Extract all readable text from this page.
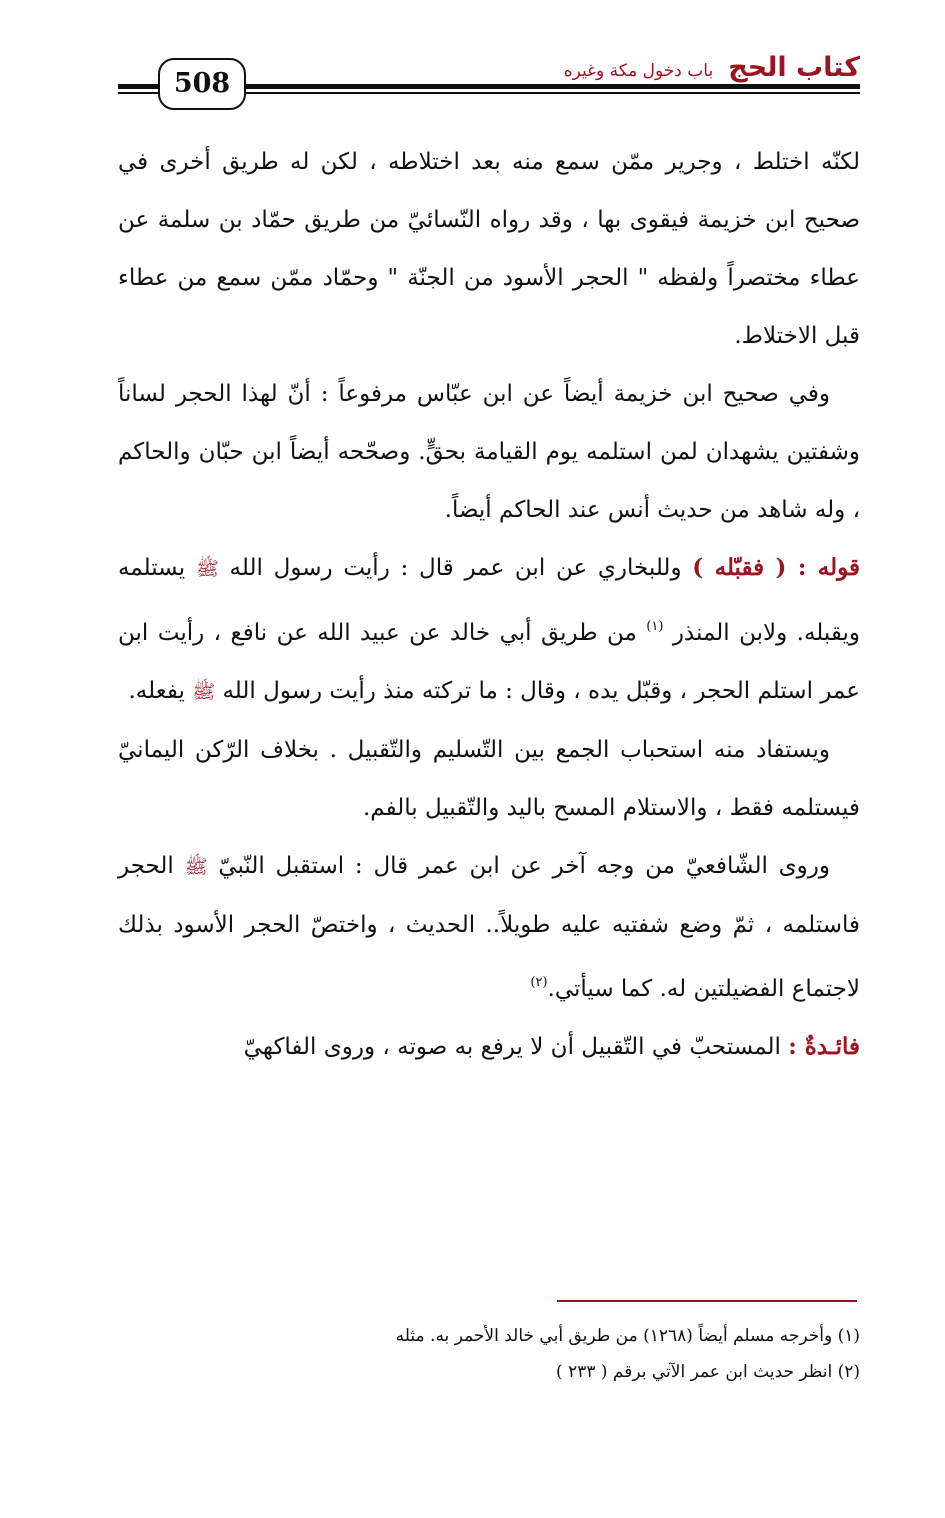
508
كتاب الحج باب دخول مكة وغيره

لكنّه اختلط ، وجرير ممّن سمع منه بعد اختلاطه ، لكن له طريق أخرى في صحيح ابن خزيمة فيقوى بها ، وقد رواه النّسائيّ من طريق حمّاد بن سلمة عن عطاء مختصراً ولفظه " الحجر الأسود من الجنّة " وحمّاد ممّن سمع من عطاء قبل الاختلاط.

وفي صحيح ابن خزيمة أيضاً عن ابن عبّاس مرفوعاً : أنّ لهذا الحجر لساناً وشفتين يشهدان لمن استلمه يوم القيامة بحقٍّ. وصحّحه أيضاً ابن حبّان والحاكم ، وله شاهد من حديث أنس عند الحاكم أيضاً.

قوله : ( فقبّله ) وللبخاري عن ابن عمر قال : رأيت رسول الله ﷺ يستلمه ويقبله. ولابن المنذر $^{(١)}$ من طريق أبي خالد عن عبيد الله عن نافع ، رأيت ابن عمر استلم الحجر ، وقبّل يده ، وقال : ما تركته منذ رأيت رسول الله ﷺ يفعله.

ويستفاد منه استحباب الجمع بين التّسليم والتّقبيل . بخلاف الرّكن اليمانيّ فيستلمه فقط ، والاستلام المسح باليد والتّقبيل بالفم.

وروى الشّافعيّ من وجه آخر عن ابن عمر قال : استقبل النّبيّ ﷺ الحجر فاستلمه ، ثمّ وضع شفتيه عليه طويلاً.. الحديث ، واختصّ الحجر الأسود بذلك لاجتماع الفضيلتين له. كما سيأتي.$^{(٢)}$

فائـدةٌ : المستحبّ في التّقبيل أن لا يرفع به صوته ، وروى الفاكهيّ

(١) وأخرجه مسلم أيضاً (١٢٦٨) من طريق أبي خالد الأحمر به. مثله
(٢) انظر حديث ابن عمر الآتي برقم ( ٢٣٣ )
